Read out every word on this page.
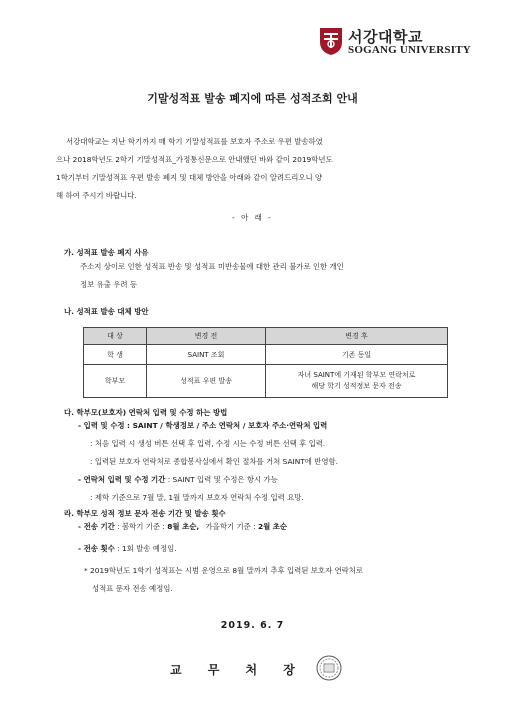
서강대학교
SOGANG UNIVERSITY
기말성적표 발송 폐지에 따른 성적조회 안내
서강대학교는 지난 학기까지 매 학기 기말성적표를 보호자 주소로 우편 발송하였
으나 2018학년도 2학기 기말성적표_가정통신문으로 안내했던 바와 같이 2019학년도
1학기부터 기말성적표 우편 발송 폐지 및 대체 방안을 아래와 같이 알려드리오니 양
해 하여 주시기 바랍니다.
- 아 래 -
가. 성적표 발송 폐지 사유
주소지 상이로 인한 성적표 반송 및 성적표 미반송물에 대한 관리 불가로 인한 개인
정보 유출 우려 등
나. 성적표 발송 대체 방안
대 상	변경 전	변경 후
학 생	SAINT 조회	기존 동일
학부모	성적표 우편 발송	자녀 SAINT에 기재된 학부모 연락처로
해당 학기 성적정보 문자 전송
다. 학부모(보호자) 연락처 입력 및 수정 하는 방법
- 입력 및 수정 : SAINT / 학생정보 / 주소 연락처 / 보호자 주소·연락처 입력
: 처음 입력 시 생성 버튼 선택 후 입력, 수정 시는 수정 버튼 선택 후 입력.
: 입력된 보호자 연락처로 종합봉사실에서 확인 절차를 거쳐 SAINT에 반영함.
- 연락처 입력 및 수정 기간 : SAINT 입력 및 수정은 항시 가능
: 제학 기준으로 7월 말, 1월 말까지 보호자 연락처 수정 입력 요망.
라. 학부모 성적 정보 문자 전송 기간 및 발송 횟수
- 전송 기간 : 봄학기 기준 : 8월 초순, 가을학기 기준 : 2월 초순
- 전송 횟수 : 1회 발송 예정임.
* 2019학년도 1학기 성적표는 시범 운영으로 8월 말까지 추후 입력된 보호자 연락처로
성적표 문자 전송 예정임.
2019. 6. 7
교 무 처 장
